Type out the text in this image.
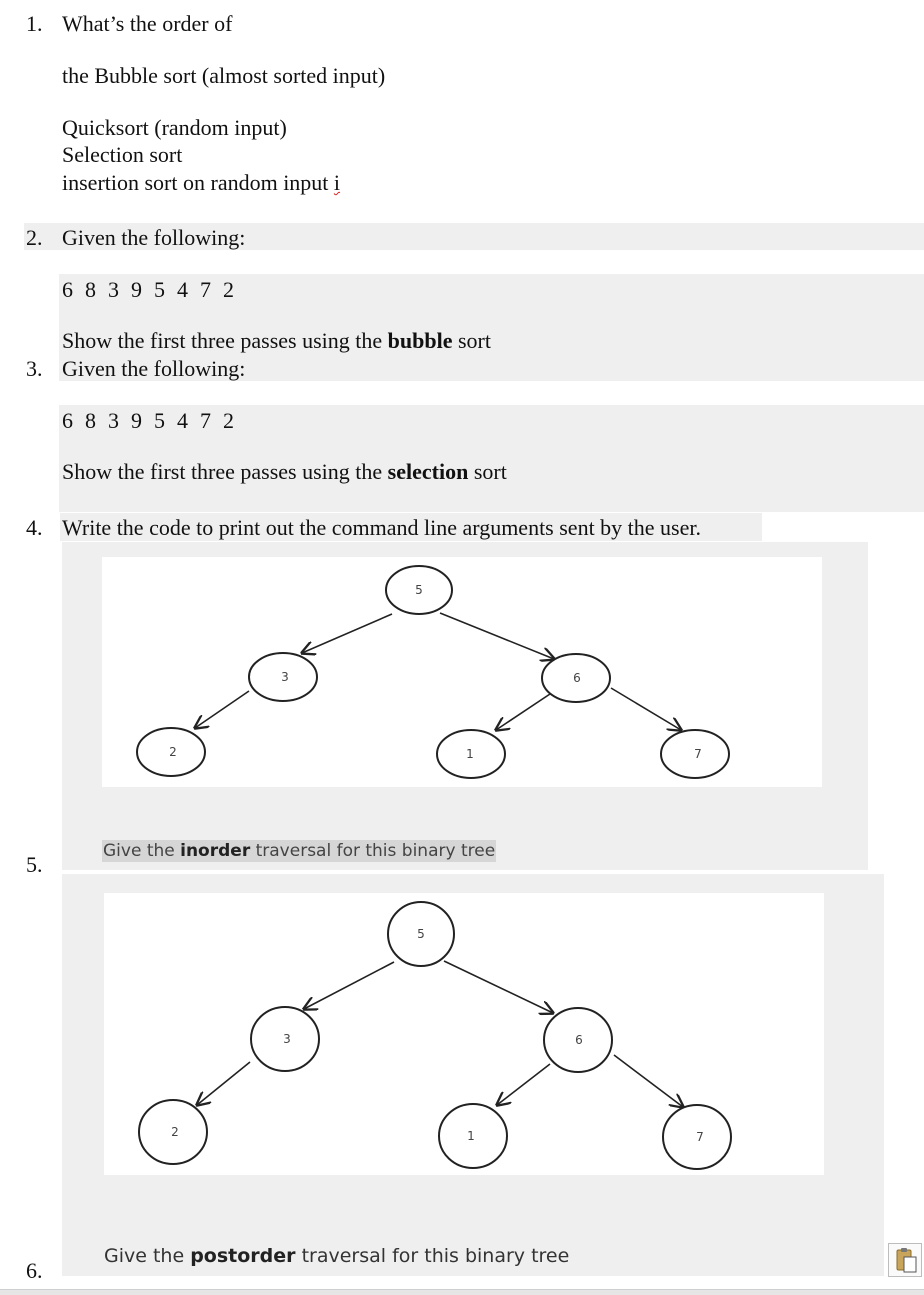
1. What’s the order of
the Bubble sort (almost sorted input)
Quicksort (random input)
Selection sort
insertion sort on random input i
2. Given the following:
6 8 3 9 5 4 7 2
Show the first three passes using the bubble sort
3. Given the following:
6 8 3 9 5 4 7 2
Show the first three passes using the selection sort
4. Write the code to print out the command line arguments sent by the user.
5
3	6
2	1	7
Give the inorder traversal for this binary tree
5.
5
3	6
2	1	7
Give the postorder traversal for this binary tree
6.
